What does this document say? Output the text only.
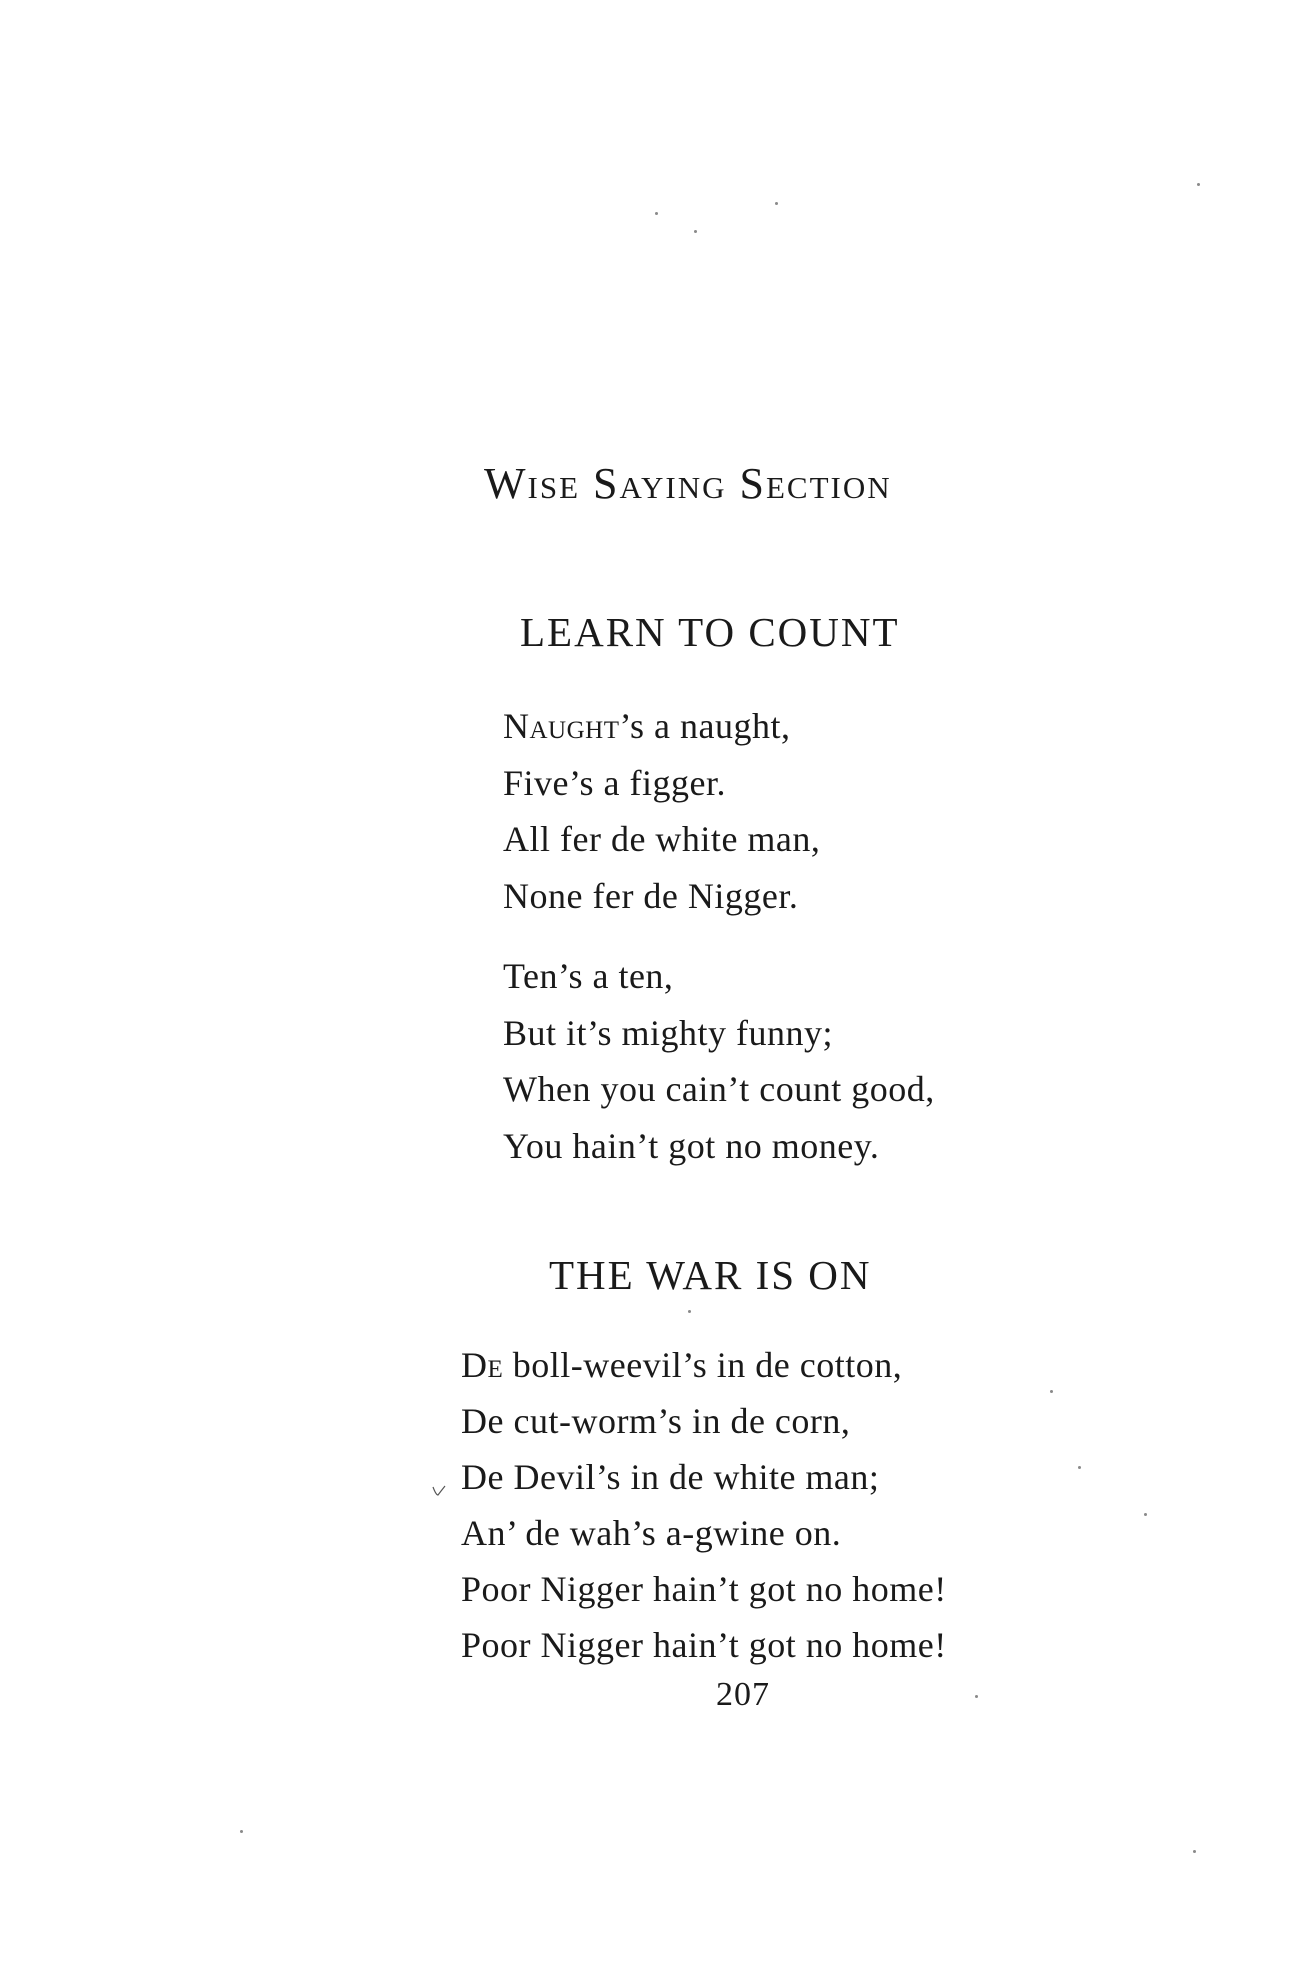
Wise Saying Section
LEARN TO COUNT
Naught’s a naught,
Five’s a figger.
All fer de white man,
None fer de Nigger.
Ten’s a ten,
But it’s mighty funny;
When you cain’t count good,
You hain’t got no money.
THE WAR IS ON
De boll-weevil’s in de cotton,
De cut-worm’s in de corn,
De Devil’s in de white man;
An’ de wah’s a-gwine on.
Poor Nigger hain’t got no home!
Poor Nigger hain’t got no home!
207
